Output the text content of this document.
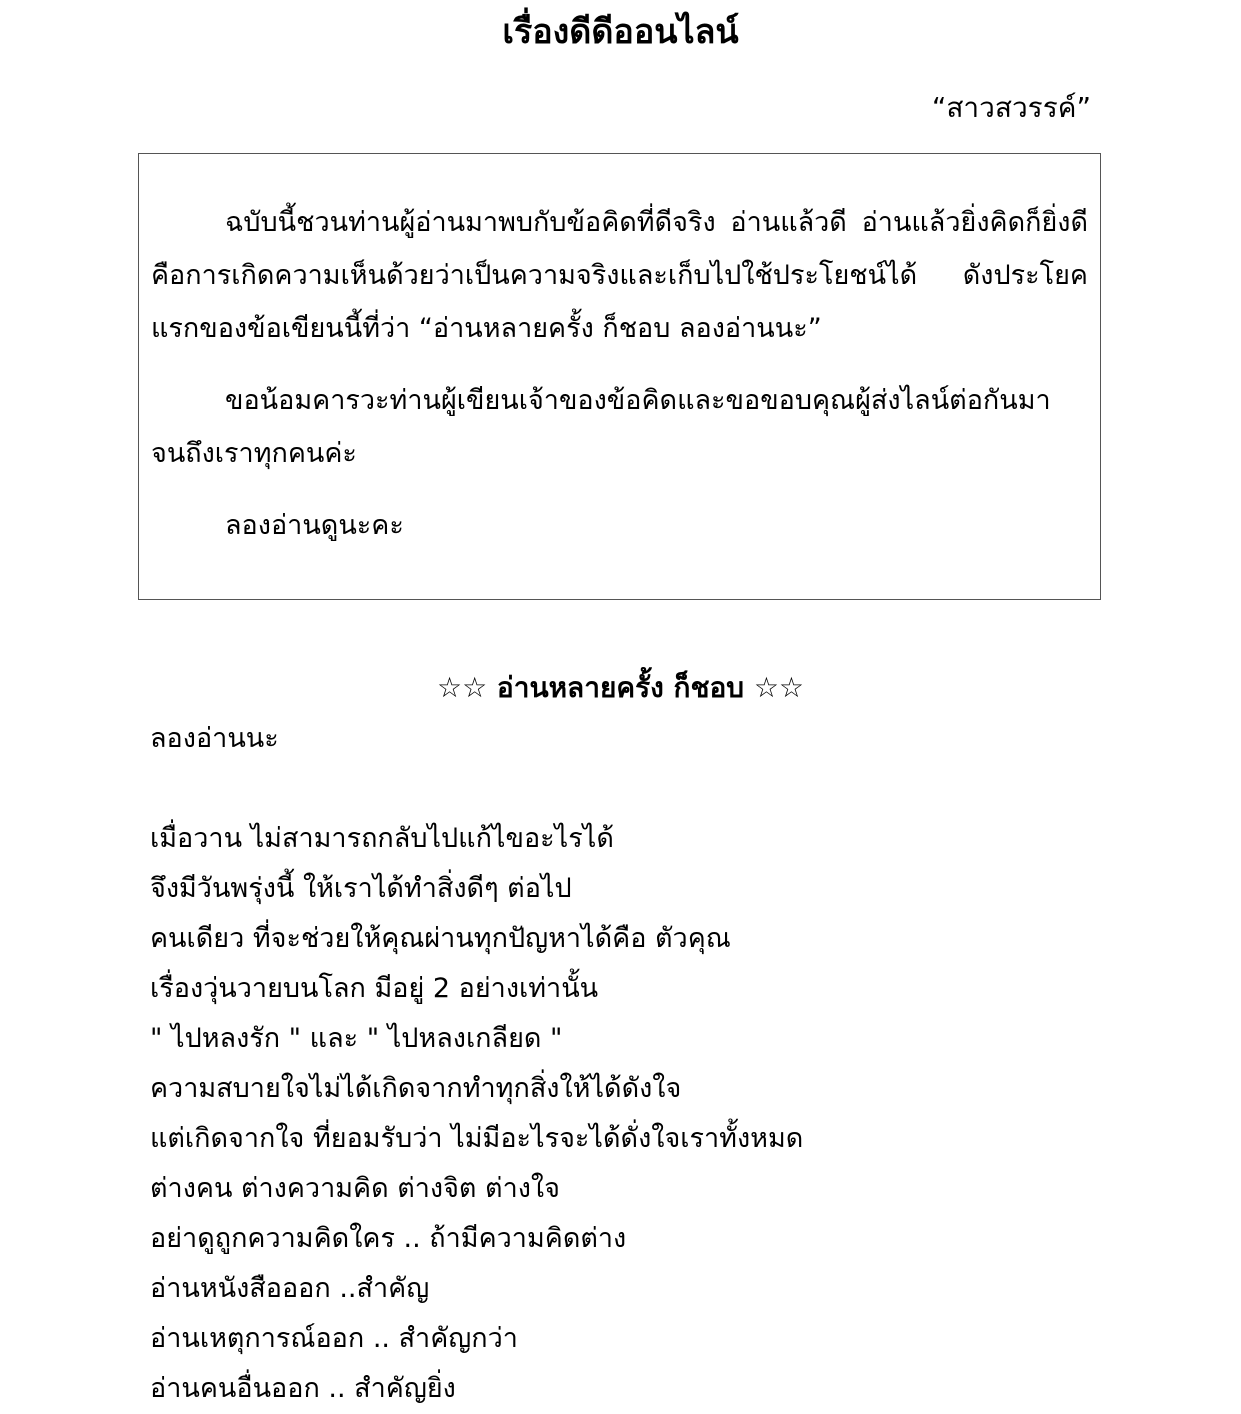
เรื่องดีดีออนไลน์
“สาวสวรรค์”

ฉบับนี้ชวนท่านผู้อ่านมาพบกับข้อคิดที่ดีจริง อ่านแล้วดี อ่านแล้วยิ่งคิดก็ยิ่งดี คือการเกิดความเห็นด้วยว่าเป็นความจริงและเก็บไปใช้ประโยชน์ได้ ดังประโยคแรกของข้อเขียนนี้ที่ว่า “อ่านหลายครั้ง ก็ชอบ ลองอ่านนะ”

ขอน้อมคารวะท่านผู้เขียนเจ้าของข้อคิดและขอขอบคุณผู้ส่งไลน์ต่อกันมาจนถึงเราทุกคนค่ะ

ลองอ่านดูนะคะ

☆☆ อ่านหลายครั้ง ก็ชอบ ☆☆
ลองอ่านนะ
เมื่อวาน ไม่สามารถกลับไปแก้ไขอะไรได้
จึงมีวันพรุ่งนี้ ให้เราได้ทำสิ่งดีๆ ต่อไป
คนเดียว ที่จะช่วยให้คุณผ่านทุกปัญหาได้คือ ตัวคุณ
เรื่องวุ่นวายบนโลก มีอยู่ 2 อย่างเท่านั้น
" ไปหลงรัก " และ " ไปหลงเกลียด "
ความสบายใจไม่ได้เกิดจากทำทุกสิ่งให้ได้ดังใจ
แต่เกิดจากใจ ที่ยอมรับว่า ไม่มีอะไรจะได้ดั่งใจเราทั้งหมด
ต่างคน ต่างความคิด ต่างจิต ต่างใจ
อย่าดูถูกความคิดใคร .. ถ้ามีความคิดต่าง
อ่านหนังสือออก ..สำคัญ
อ่านเหตุการณ์ออก .. สำคัญกว่า
อ่านคนอื่นออก .. สำคัญยิ่ง
